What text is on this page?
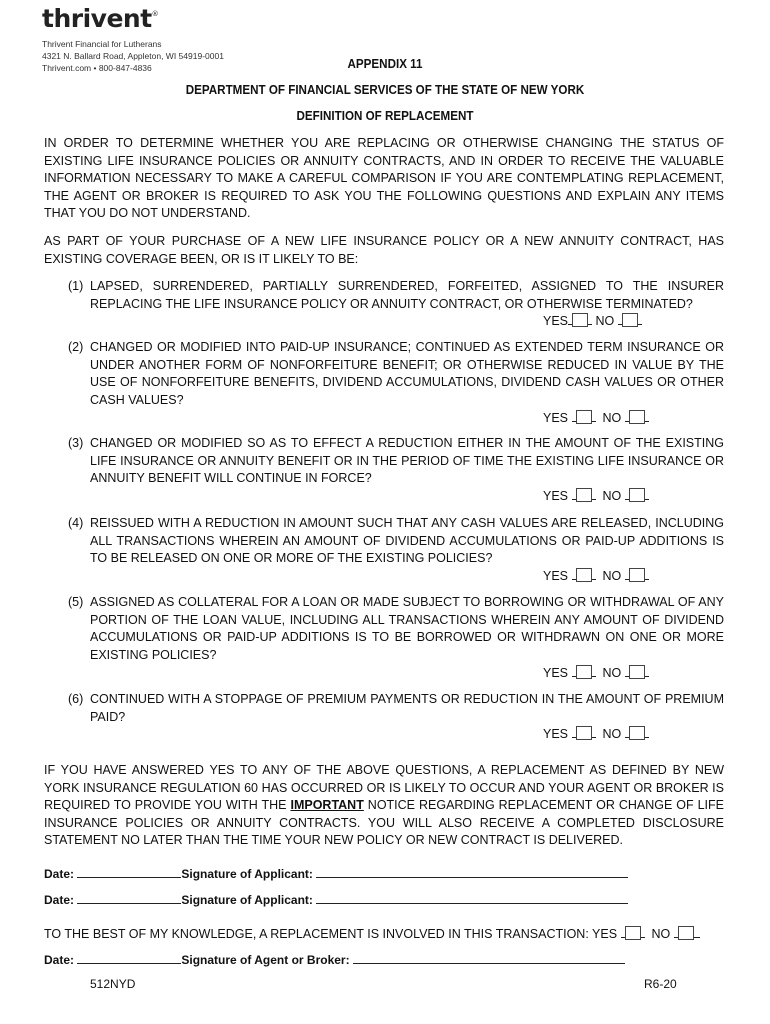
thrivent®
Thrivent Financial for Lutherans
4321 N. Ballard Road, Appleton, WI 54919-0001
Thrivent.com • 800-847-4836	APPENDIX 11
DEPARTMENT OF FINANCIAL SERVICES OF THE STATE OF NEW YORK
DEFINITION OF REPLACEMENT
IN ORDER TO DETERMINE WHETHER YOU ARE REPLACING OR OTHERWISE CHANGING THE STATUS OF EXISTING LIFE INSURANCE POLICIES OR ANNUITY CONTRACTS, AND IN ORDER TO RECEIVE THE VALUABLE INFORMATION NECESSARY TO MAKE A CAREFUL COMPARISON IF YOU ARE CONTEMPLATING REPLACEMENT, THE AGENT OR BROKER IS REQUIRED TO ASK YOU THE FOLLOWING QUESTIONS AND EXPLAIN ANY ITEMS THAT YOU DO NOT UNDERSTAND.
AS PART OF YOUR PURCHASE OF A NEW LIFE INSURANCE POLICY OR A NEW ANNUITY CONTRACT, HAS EXISTING COVERAGE BEEN, OR IS IT LIKELY TO BE:
(1) LAPSED, SURRENDERED, PARTIALLY SURRENDERED, FORFEITED, ASSIGNED TO THE INSURER REPLACING THE LIFE INSURANCE POLICY OR ANNUITY CONTRACT, OR OTHERWISE TERMINATED?
YES NO
(2) CHANGED OR MODIFIED INTO PAID-UP INSURANCE; CONTINUED AS EXTENDED TERM INSURANCE OR UNDER ANOTHER FORM OF NONFORFEITURE BENEFIT; OR OTHERWISE REDUCED IN VALUE BY THE USE OF NONFORFEITURE BENEFITS, DIVIDEND ACCUMULATIONS, DIVIDEND CASH VALUES OR OTHER CASH VALUES?
YES	NO
(3) CHANGED OR MODIFIED SO AS TO EFFECT A REDUCTION EITHER IN THE AMOUNT OF THE EXISTING LIFE INSURANCE OR ANNUITY BENEFIT OR IN THE PERIOD OF TIME THE EXISTING LIFE INSURANCE OR ANNUITY BENEFIT WILL CONTINUE IN FORCE?
YES	NO
(4) REISSUED WITH A REDUCTION IN AMOUNT SUCH THAT ANY CASH VALUES ARE RELEASED, INCLUDING ALL TRANSACTIONS WHEREIN AN AMOUNT OF DIVIDEND ACCUMULATIONS OR PAID-UP ADDITIONS IS TO BE RELEASED ON ONE OR MORE OF THE EXISTING POLICIES?
YES	NO
(5) ASSIGNED AS COLLATERAL FOR A LOAN OR MADE SUBJECT TO BORROWING OR WITHDRAWAL OF ANY PORTION OF THE LOAN VALUE, INCLUDING ALL TRANSACTIONS WHEREIN ANY AMOUNT OF DIVIDEND ACCUMULATIONS OR PAID-UP ADDITIONS IS TO BE BORROWED OR WITHDRAWN ON ONE OR MORE EXISTING POLICIES?
YES	NO
(6) CONTINUED WITH A STOPPAGE OF PREMIUM PAYMENTS OR REDUCTION IN THE AMOUNT OF PREMIUM PAID?
YES	NO
IF YOU HAVE ANSWERED YES TO ANY OF THE ABOVE QUESTIONS, A REPLACEMENT AS DEFINED BY NEW YORK INSURANCE REGULATION 60 HAS OCCURRED OR IS LIKELY TO OCCUR AND YOUR AGENT OR BROKER IS REQUIRED TO PROVIDE YOU WITH THE IMPORTANT NOTICE REGARDING REPLACEMENT OR CHANGE OF LIFE INSURANCE POLICIES OR ANNUITY CONTRACTS. YOU WILL ALSO RECEIVE A COMPLETED DISCLOSURE STATEMENT NO LATER THAN THE TIME YOUR NEW POLICY OR NEW CONTRACT IS DELIVERED.
Date:	Signature of Applicant:
Date:	Signature of Applicant:
TO THE BEST OF MY KNOWLEDGE, A REPLACEMENT IS INVOLVED IN THIS TRANSACTION: YES	NO
Date:	Signature of Agent or Broker:
512NYD	R6-20
